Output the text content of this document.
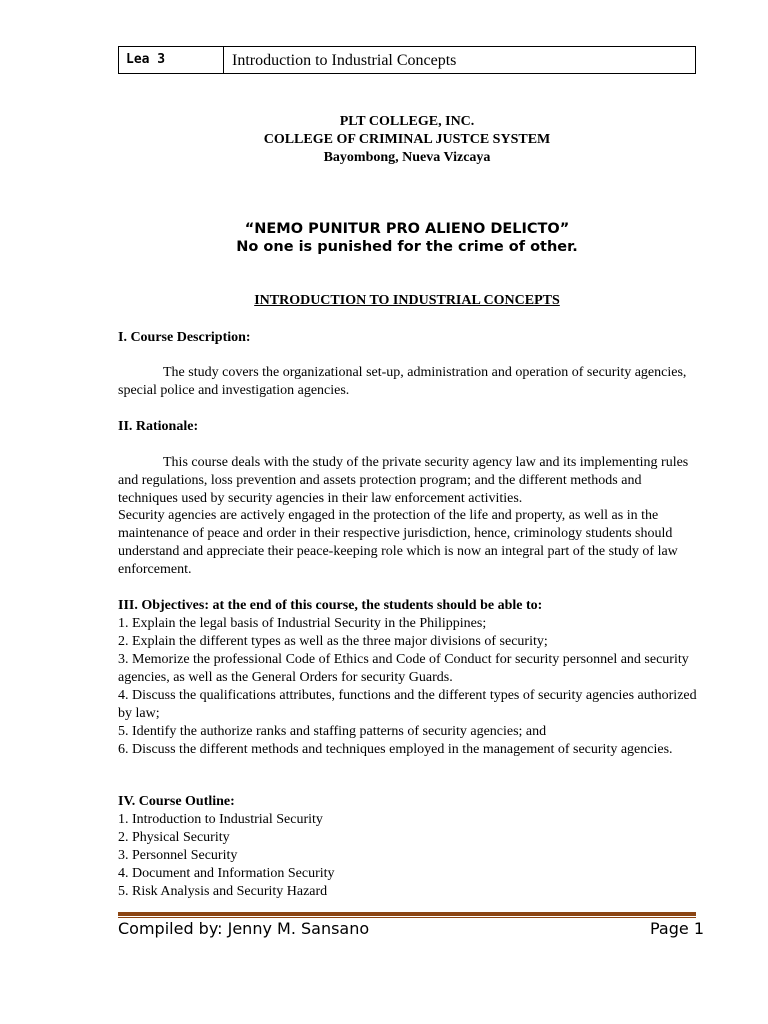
Lea 3	Introduction to Industrial Concepts
PLT COLLEGE, INC.
COLLEGE OF CRIMINAL JUSTCE SYSTEM
Bayombong, Nueva Vizcaya
“NEMO PUNITUR PRO ALIENO DELICTO”
No one is punished for the crime of other.
INTRODUCTION TO INDUSTRIAL CONCEPTS
I. Course Description:
The study covers the organizational set-up, administration and operation of security agencies, special police and investigation agencies.
II. Rationale:
This course deals with the study of the private security agency law and its implementing rules and regulations, loss prevention and assets protection program; and the different methods and techniques used by security agencies in their law enforcement activities.
Security agencies are actively engaged in the protection of the life and property, as well as in the maintenance of peace and order in their respective jurisdiction, hence, criminology students should understand and appreciate their peace-keeping role which is now an integral part of the study of law enforcement.
III. Objectives: at the end of this course, the students should be able to:
1. Explain the legal basis of Industrial Security in the Philippines;
2. Explain the different types as well as the three major divisions of security;
3. Memorize the professional Code of Ethics and Code of Conduct for security personnel and security agencies, as well as the General Orders for security Guards.
4. Discuss the qualifications attributes, functions and the different types of security agencies authorized by law;
5. Identify the authorize ranks and staffing patterns of security agencies; and
6. Discuss the different methods and techniques employed in the management of security agencies.
IV. Course Outline:
1. Introduction to Industrial Security
2. Physical Security
3. Personnel Security
4. Document and Information Security
5. Risk Analysis and Security Hazard
Compiled by: Jenny M. Sansano	Page 1
